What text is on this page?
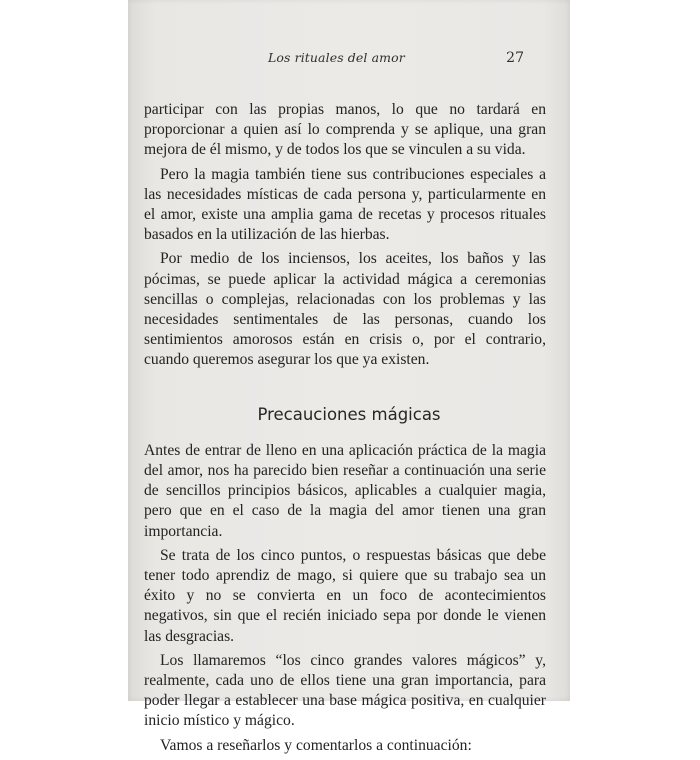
Los rituales del amor	27

participar con las propias manos, lo que no tardará en proporcionar a quien así lo comprenda y se aplique, una gran mejora de él mismo, y de todos los que se vinculen a su vida.

Pero la magia también tiene sus contribuciones especiales a las necesidades místicas de cada persona y, particularmente en el amor, existe una amplia gama de recetas y procesos rituales basados en la utilización de las hierbas.

Por medio de los inciensos, los aceites, los baños y las pócimas, se puede aplicar la actividad mágica a ceremonias sencillas o complejas, relacionadas con los problemas y las necesidades sentimentales de las personas, cuando los sentimientos amorosos están en crisis o, por el contrario, cuando queremos asegurar los que ya existen.

Precauciones mágicas

Antes de entrar de lleno en una aplicación práctica de la magia del amor, nos ha parecido bien reseñar a continuación una serie de sencillos principios básicos, aplicables a cualquier magia, pero que en el caso de la magia del amor tienen una gran importancia.

Se trata de los cinco puntos, o respuestas básicas que debe tener todo aprendiz de mago, si quiere que su trabajo sea un éxito y no se convierta en un foco de acontecimientos negativos, sin que el recién iniciado sepa por donde le vienen las desgracias.

Los llamaremos “los cinco grandes valores mágicos” y, realmente, cada uno de ellos tiene una gran importancia, para poder llegar a establecer una base mágica positiva, en cualquier inicio místico y mágico.

Vamos a reseñarlos y comentarlos a continuación:
